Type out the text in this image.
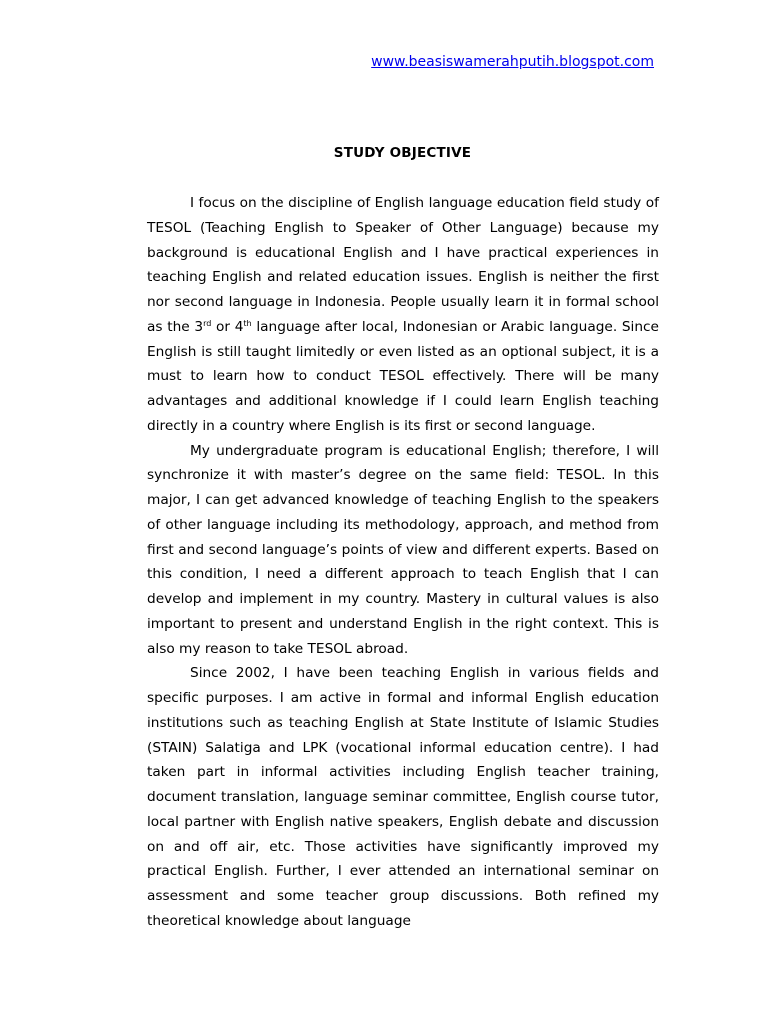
www.beasiswamerahputih.blogspot.com
STUDY OBJECTIVE

I focus on the discipline of English language education field study of TESOL (Teaching English to Speaker of Other Language) because my background is educational English and I have practical experiences in teaching English and related education issues. English is neither the first nor second language in Indonesia. People usually learn it in formal school as the 3rd or 4th language after local, Indonesian or Arabic language. Since English is still taught limitedly or even listed as an optional subject, it is a must to learn how to conduct TESOL effectively. There will be many advantages and additional knowledge if I could learn English teaching directly in a country where English is its first or second language.

My undergraduate program is educational English; therefore, I will synchronize it with master’s degree on the same field: TESOL. In this major, I can get advanced knowledge of teaching English to the speakers of other language including its methodology, approach, and method from first and second language’s points of view and different experts. Based on this condition, I need a different approach to teach English that I can develop and implement in my country. Mastery in cultural values is also important to present and understand English in the right context. This is also my reason to take TESOL abroad.

Since 2002, I have been teaching English in various fields and specific purposes. I am active in formal and informal English education institutions such as teaching English at State Institute of Islamic Studies (STAIN) Salatiga and LPK (vocational informal education centre). I had taken part in informal activities including English teacher training, document translation, language seminar committee, English course tutor, local partner with English native speakers, English debate and discussion on and off air, etc. Those activities have significantly improved my practical English. Further, I ever attended an international seminar on assessment and some teacher group discussions. Both refined my theoretical knowledge about language
